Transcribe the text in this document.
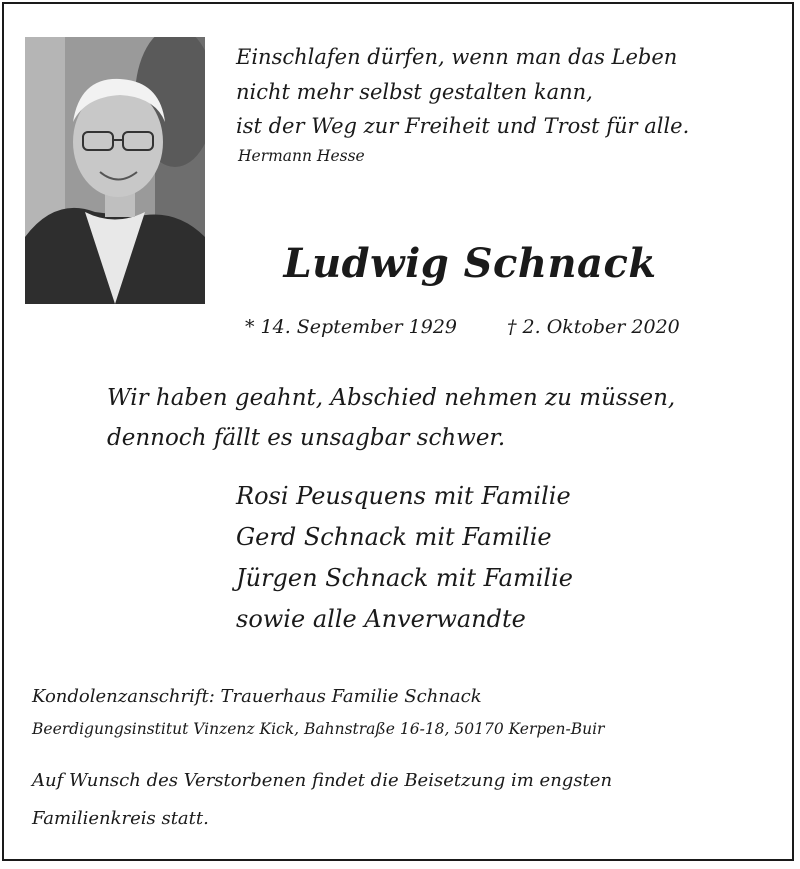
Einschlafen dürfen, wenn man das Leben
nicht mehr selbst gestalten kann,
ist der Weg zur Freiheit und Trost für alle.
Hermann Hesse
Ludwig Schnack
* 14. September 1929	† 2. Oktober 2020
Wir haben geahnt, Abschied nehmen zu müssen,
dennoch fällt es unsagbar schwer.
Rosi Peusquens mit Familie
Gerd Schnack mit Familie
Jürgen Schnack mit Familie
sowie alle Anverwandte
Kondolenzanschrift: Trauerhaus Familie Schnack
Beerdigungsinstitut Vinzenz Kick, Bahnstraße 16-18, 50170 Kerpen-Buir
Auf Wunsch des Verstorbenen findet die Beisetzung im engsten
Familienkreis statt.
